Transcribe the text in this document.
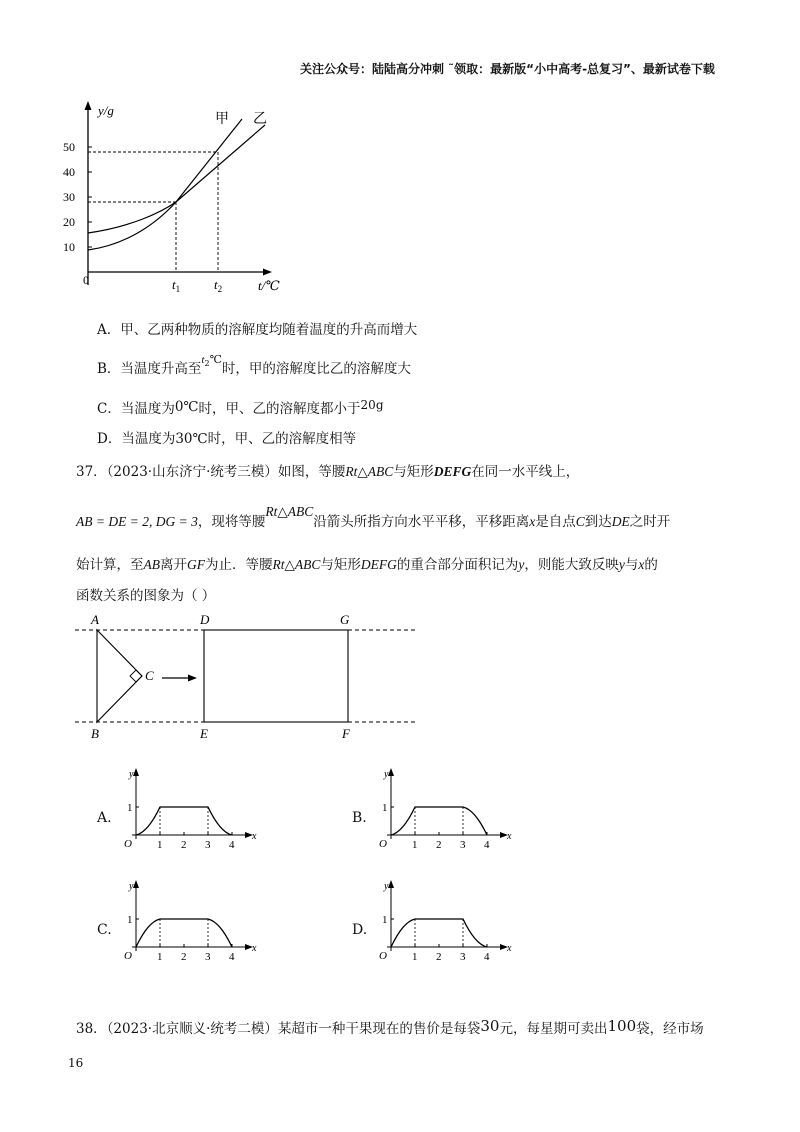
关注公众号：陆陆高分冲刺 ˜领取：最新版“小中高考-总复习”、最新试卷下载
y/g
t/℃
0
10
20
30
40
50
甲 乙
$t_1$	$t_2$
A．甲、乙两种物质的溶解度均随着温度的升高而增大
B．当温度升高至$^{t_2℃}$时，甲的溶解度比乙的溶解度大
C．当温度为0℃时，甲、乙的溶解度都小于20g
D．当温度为30℃时，甲、乙的溶解度相等
37．（2023·山东济宁·统考三模）如图，等腰Rt△ABC与矩形DEFG在同一水平线上，
AB = DE = 2, DG = 3，现将等腰Rt△ABC沿箭头所指方向水平平移，平移距离x是自点C到达DE之时开
始计算，至AB离开GF为止．等腰Rt△ABC与矩形DEFG的重合部分面积记为y，则能大致反映y与x的
函数关系的图象为（ ）
A
B
C
D
E	F
G
A.
y
x
O
1
1 2 3 4
B.
y
x
O
1
1 2 3 4
C.
y
x
O
1
1 2 3 4
D.
y
x
O
1
1 2 3 4
38．（2023·北京顺义·统考二模）某超市一种干果现在的售价是每袋30元，每星期可卖出100袋，经市场
16
